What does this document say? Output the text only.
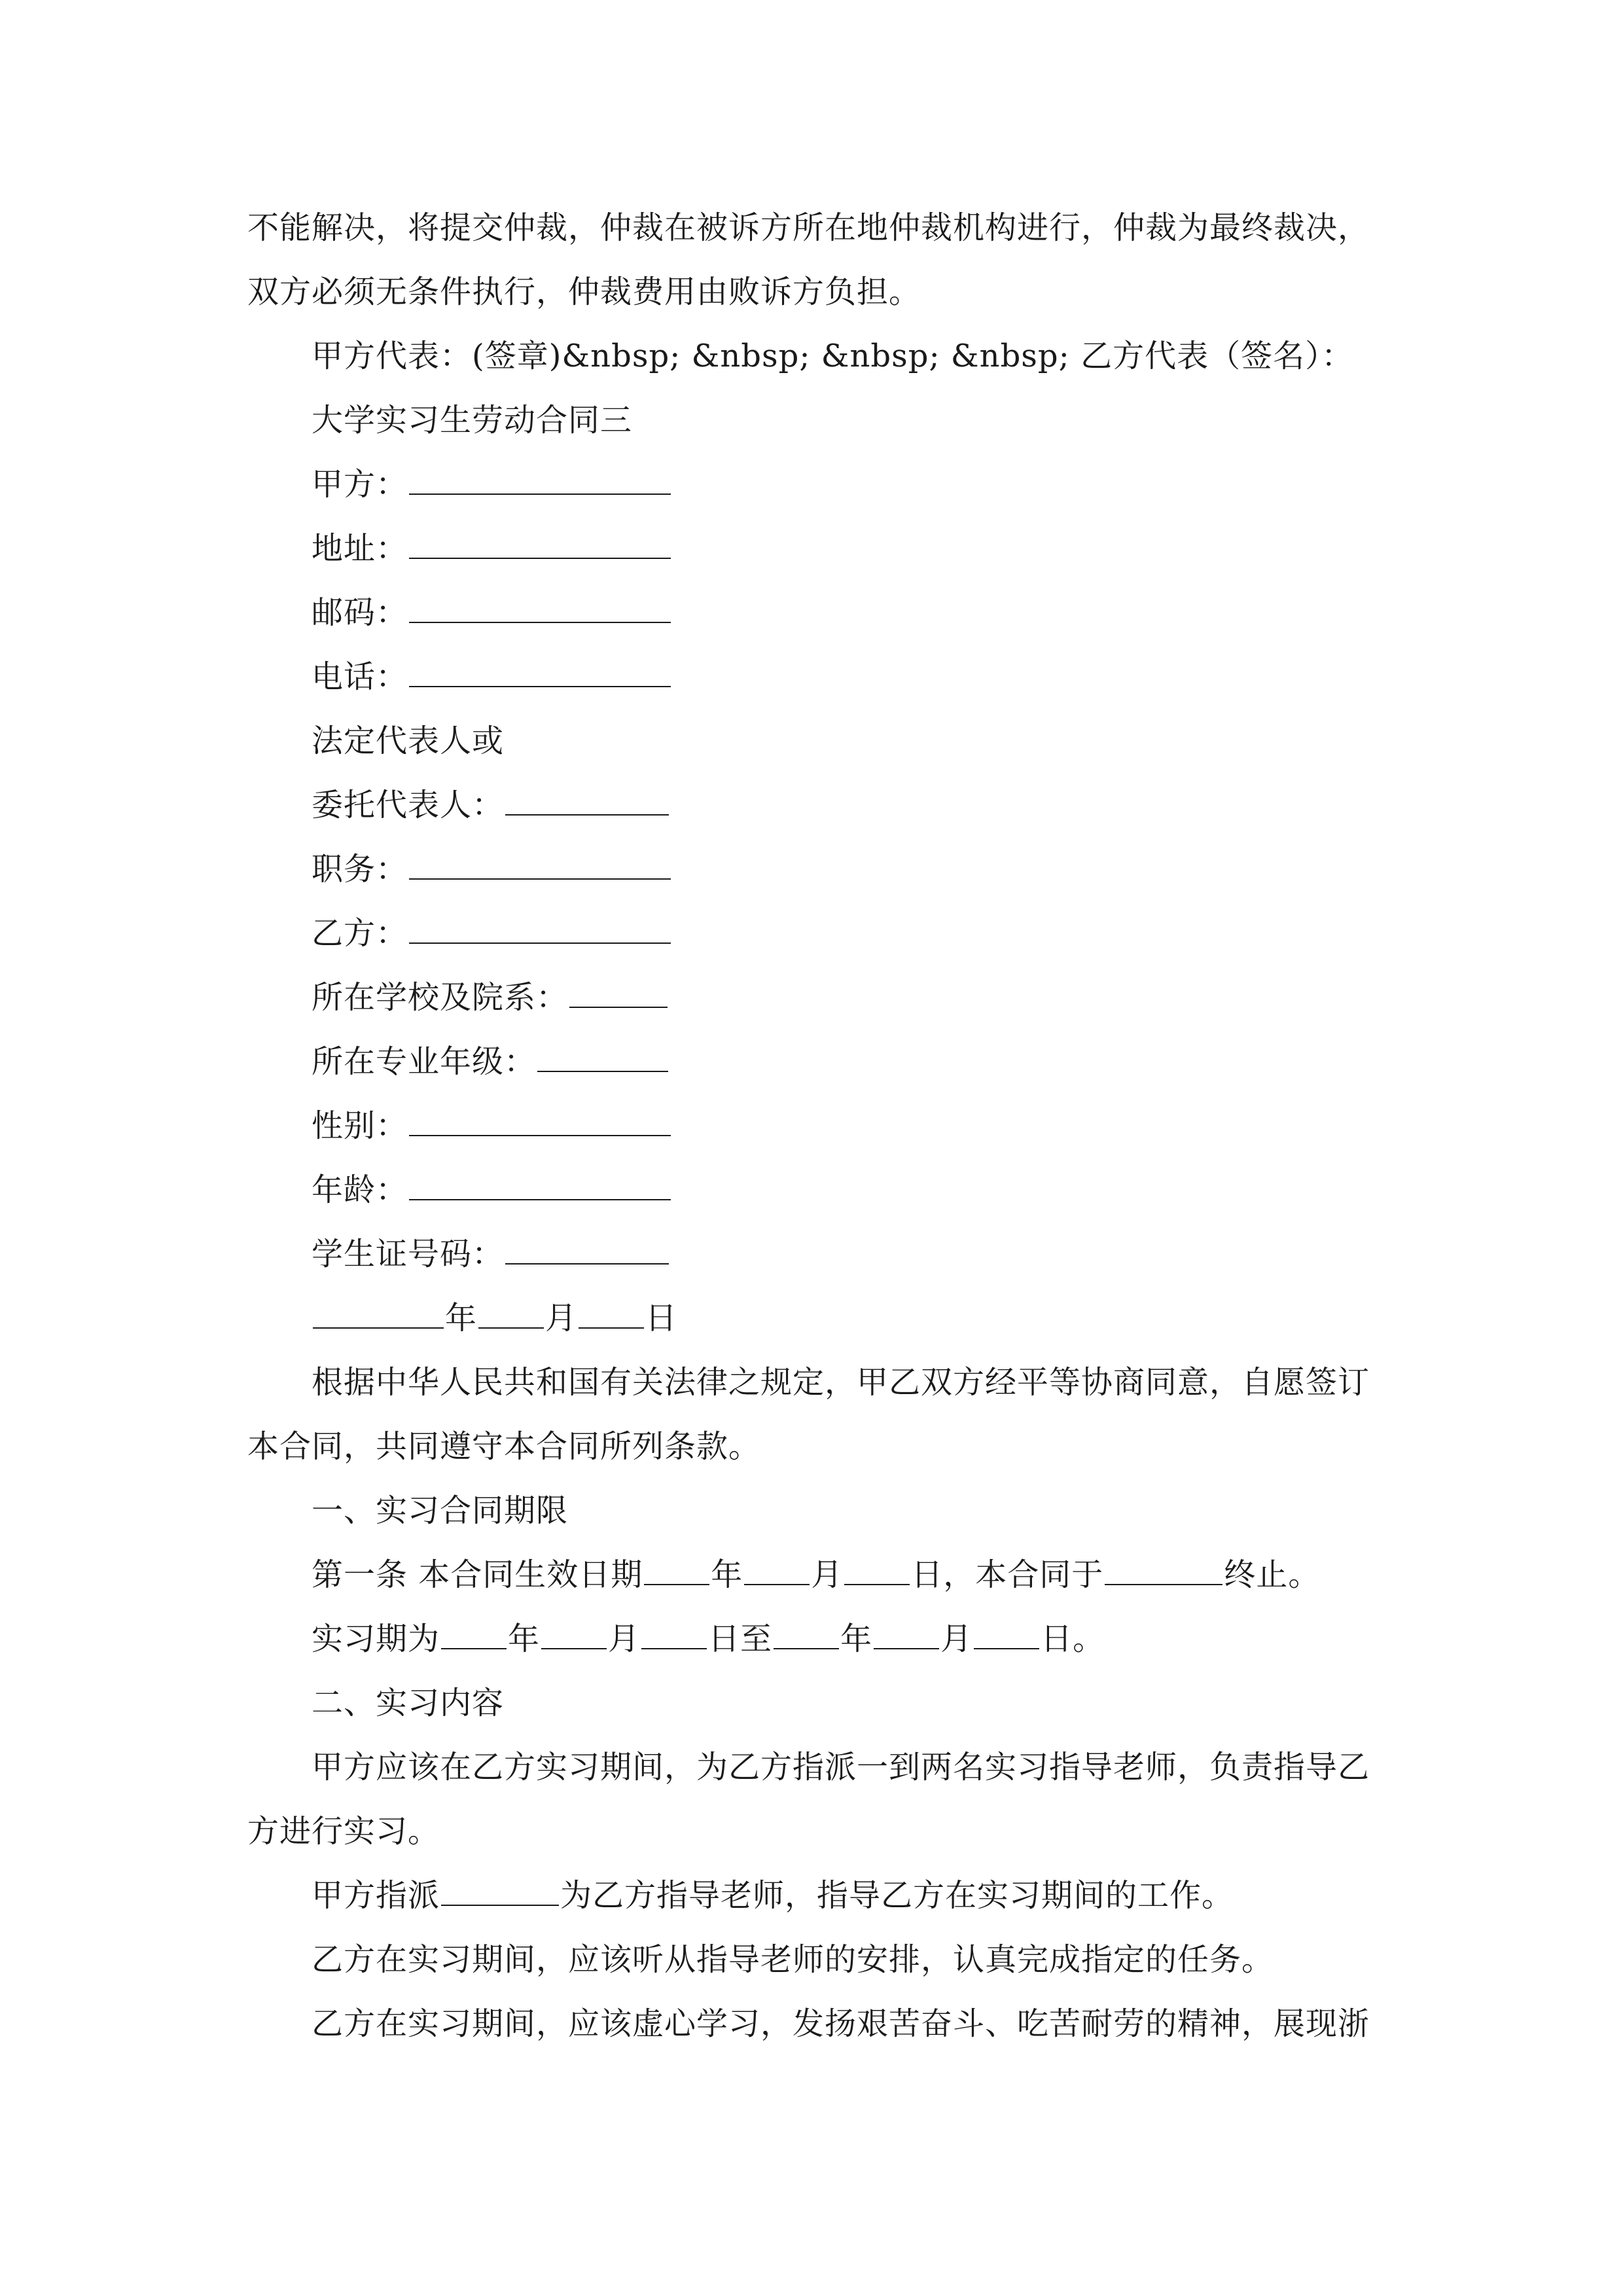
不能解决，将提交仲裁，仲裁在被诉方所在地仲裁机构进行，仲裁为最终裁决，
双方必须无条件执行，仲裁费用由败诉方负担。
甲方代表：(签章)&nbsp; &nbsp; &nbsp; &nbsp; 乙方代表（签名）：
大学实习生劳动合同三
甲方：
地址：
邮码：
电话：
法定代表人或
委托代表人：
职务：
乙方：
所在学校及院系：
所在专业年级：
性别：
年龄：
学生证号码：
年 月 日
根据中华人民共和国有关法律之规定，甲乙双方经平等协商同意，自愿签订
本合同，共同遵守本合同所列条款。
一、实习合同期限
第一条 本合同生效日期 年 月 日，本合同于	终止。
实习期为 年 月 日至 年 月 日。
二、实习内容
甲方应该在乙方实习期间，为乙方指派一到两名实习指导老师，负责指导乙
方进行实习。
甲方指派	为乙方指导老师，指导乙方在实习期间的工作。
乙方在实习期间，应该听从指导老师的安排，认真完成指定的任务。
乙方在实习期间，应该虚心学习，发扬艰苦奋斗、吃苦耐劳的精神，展现浙
